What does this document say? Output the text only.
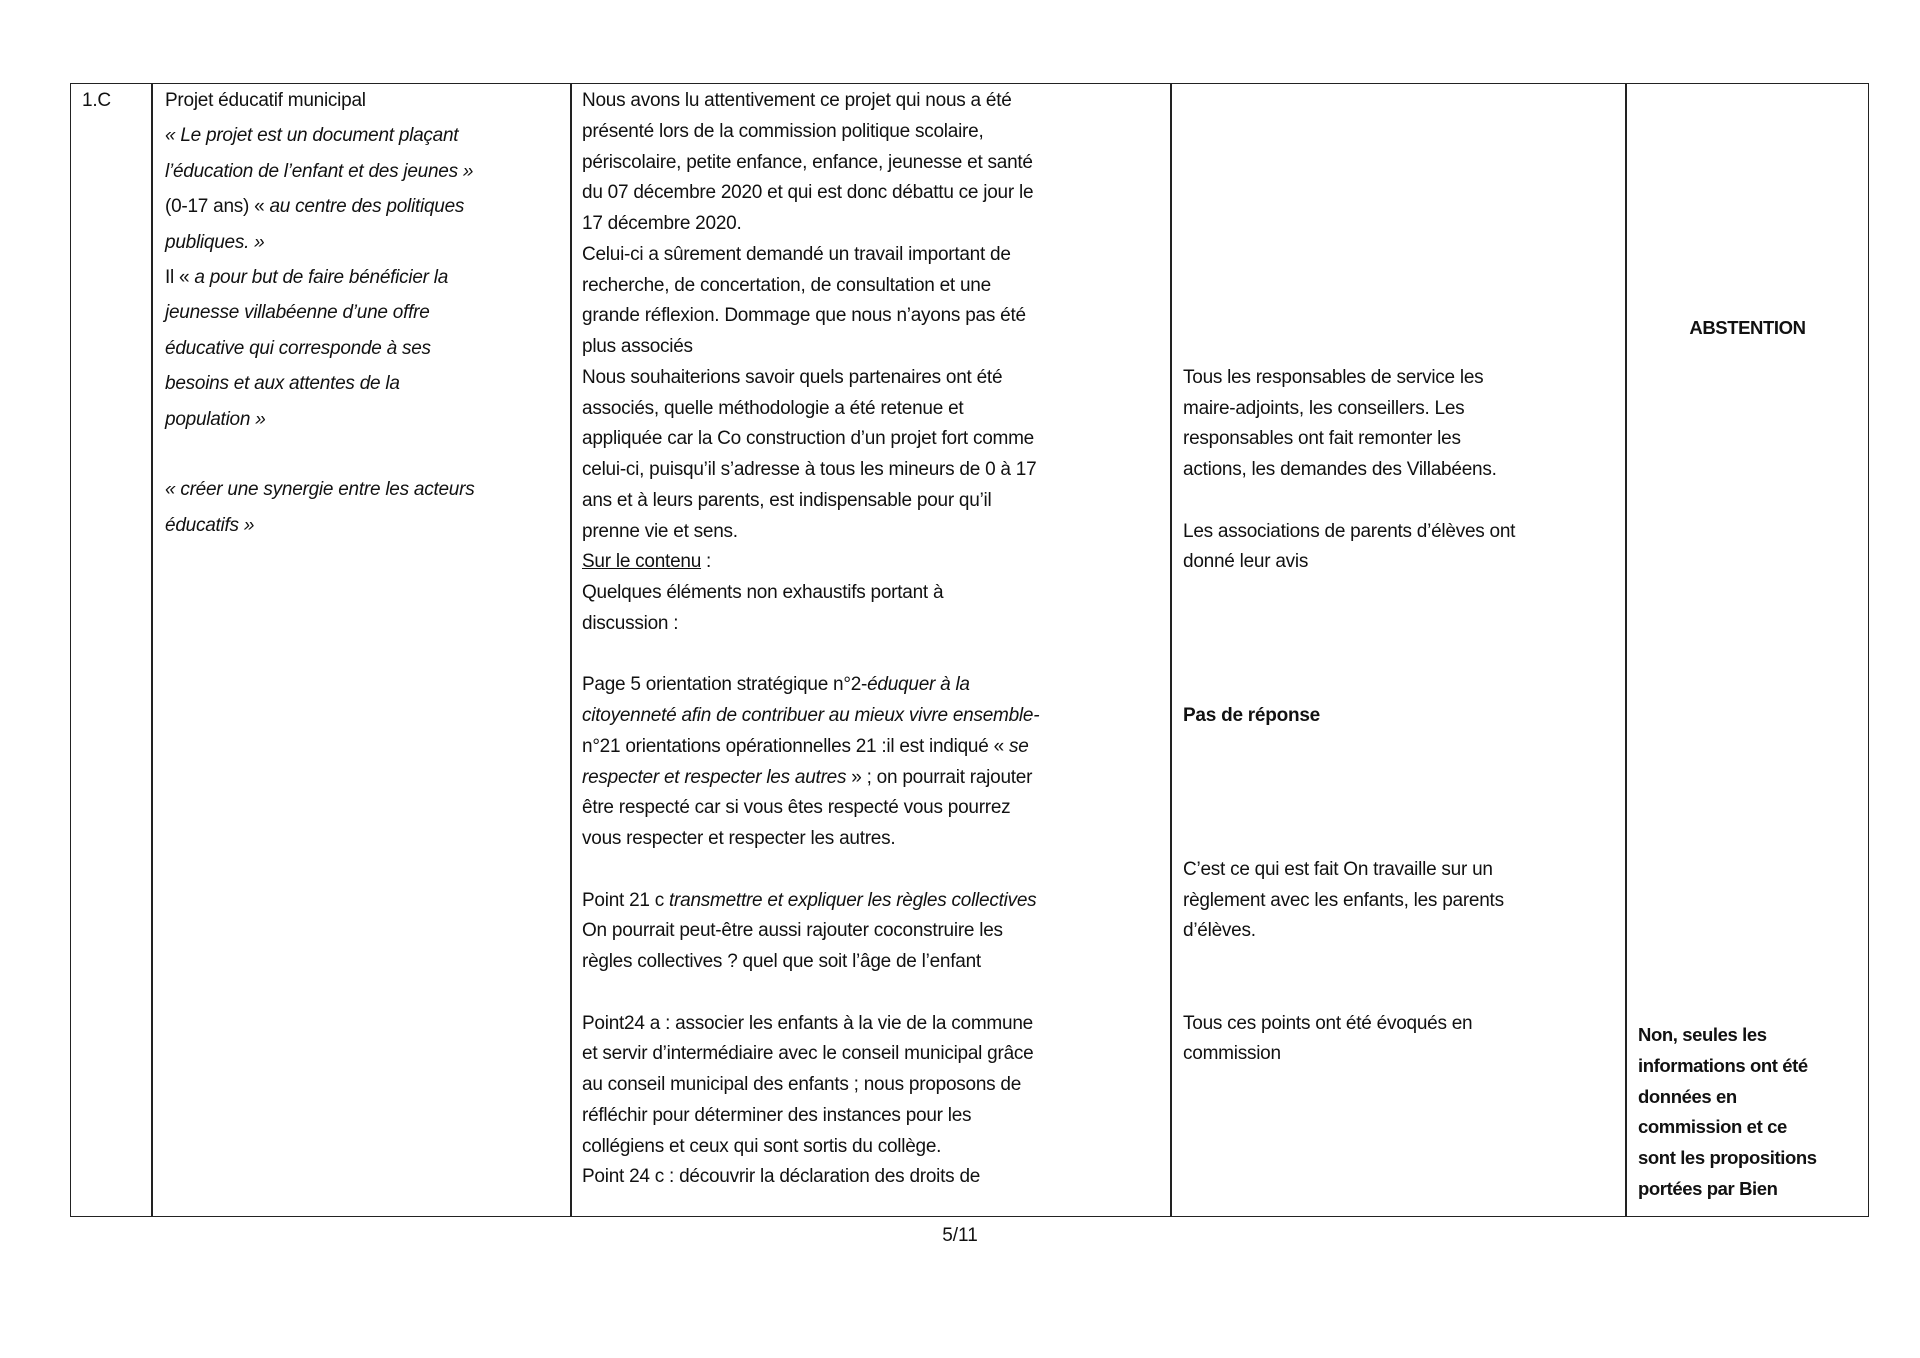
1.C	Projet éducatif municipal
« Le projet est un document plaçant
l’éducation de l’enfant et des jeunes »
(0-17 ans) « au centre des politiques
publiques. »
Il « a pour but de faire bénéficier la
jeunesse villabéenne d’une offre
éducative qui corresponde à ses
besoins et aux attentes de la
population »
« créer une synergie entre les acteurs
éducatifs »
Nous avons lu attentivement ce projet qui nous a été
présenté lors de la commission politique scolaire,
périscolaire, petite enfance, enfance, jeunesse et santé
du 07 décembre 2020 et qui est donc débattu ce jour le
17 décembre 2020.
Celui-ci a sûrement demandé un travail important de
recherche, de concertation, de consultation et une
grande réflexion. Dommage que nous n’ayons pas été
plus associés
Nous souhaiterions savoir quels partenaires ont été
associés, quelle méthodologie a été retenue et
appliquée car la Co construction d’un projet fort comme
celui-ci, puisqu’il s’adresse à tous les mineurs de 0 à 17
ans et à leurs parents, est indispensable pour qu’il
prenne vie et sens.
Sur le contenu :
Quelques éléments non exhaustifs portant à
discussion :
Page 5 orientation stratégique n°2-éduquer à la
citoyenneté afin de contribuer au mieux vivre ensemble-
n°21 orientations opérationnelles 21 :il est indiqué « se
respecter et respecter les autres » ; on pourrait rajouter
être respecté car si vous êtes respecté vous pourrez
vous respecter et respecter les autres.
Point 21 c transmettre et expliquer les règles collectives
On pourrait peut-être aussi rajouter coconstruire les
règles collectives ? quel que soit l’âge de l’enfant
Point24 a : associer les enfants à la vie de la commune
et servir d’intermédiaire avec le conseil municipal grâce
au conseil municipal des enfants ; nous proposons de
réfléchir pour déterminer des instances pour les
collégiens et ceux qui sont sortis du collège.
Point 24 c : découvrir la déclaration des droits de
Tous les responsables de service les
maire-adjoints, les conseillers. Les
responsables ont fait remonter les
actions, les demandes des Villabéens.
Les associations de parents d’élèves ont
donné leur avis
Pas de réponse
C’est ce qui est fait On travaille sur un
règlement avec les enfants, les parents
d’élèves.
Tous ces points ont été évoqués en
commission
ABSTENTION
Non, seules les
informations ont été
données en
commission et ce
sont les propositions
portées par Bien
5/11
